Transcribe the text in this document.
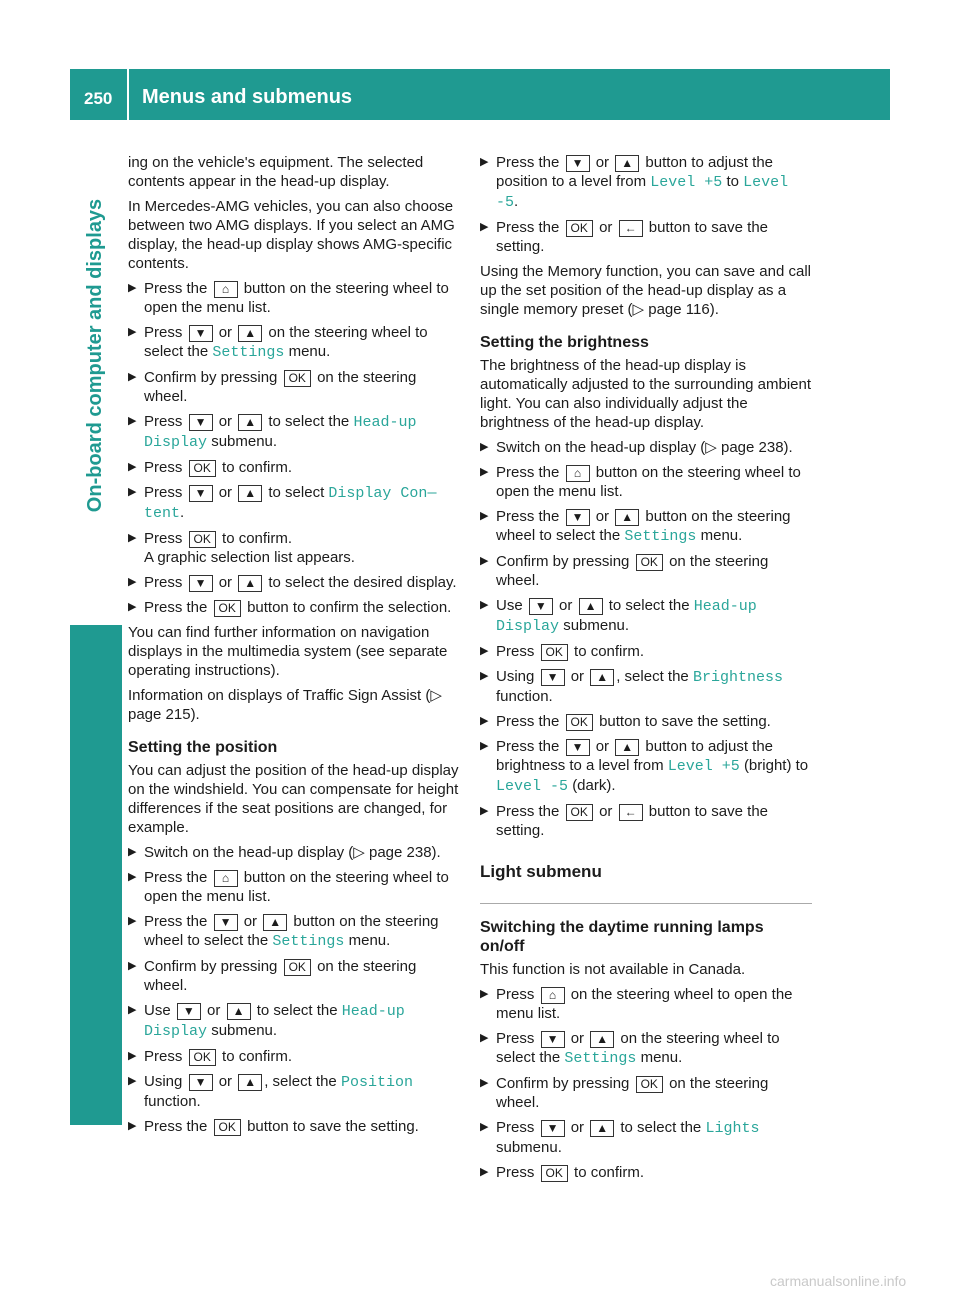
250 Menus and submenus
On-board computer and displays

ing on the vehicle's equipment. The selected contents appear in the head-up display.

In Mercedes-AMG vehicles, you can also choose between two AMG displays. If you select an AMG display, the head-up display shows AMG-specific contents.

▶ Press the ⌂ button on the steering wheel to open the menu list.
▶ Press ▼ or ▲ on the steering wheel to select the Settings menu.
▶ Confirm by pressing OK on the steering wheel.
▶ Press ▼ or ▲ to select the Head-up Display submenu.
▶ Press OK to confirm.
▶ Press ▼ or ▲ to select Display Con—tent.
▶ Press OK to confirm.
A graphic selection list appears.
▶ Press ▼ or ▲ to select the desired display.
▶ Press the OK button to confirm the selection.

You can find further information on navigation displays in the multimedia system (see separate operating instructions).

Information on displays of Traffic Sign Assist (▷ page 215).

Setting the position

You can adjust the position of the head-up display on the windshield. You can compensate for height differences if the seat positions are changed, for example.

▶ Switch on the head-up display (▷ page 238).
▶ Press the ⌂ button on the steering wheel to open the menu list.
▶ Press the ▼ or ▲ button on the steering wheel to select the Settings menu.
▶ Confirm by pressing OK on the steering wheel.
▶ Use ▼ or ▲ to select the Head-up Display submenu.
▶ Press OK to confirm.
▶ Using ▼ or ▲ , select the Position function.
▶ Press the OK button to save the setting.
▶ Press the ▼ or ▲ button to adjust the position to a level from Level +5 to Level -5.
▶ Press the OK or ← button to save the setting.

Using the Memory function, you can save and call up the set position of the head-up display as a single memory preset (▷ page 116).

Setting the brightness

The brightness of the head-up display is automatically adjusted to the surrounding ambient light. You can also individually adjust the brightness of the head-up display.

▶ Switch on the head-up display (▷ page 238).
▶ Press the ⌂ button on the steering wheel to open the menu list.
▶ Press the ▼ or ▲ button on the steering wheel to select the Settings menu.
▶ Confirm by pressing OK on the steering wheel.
▶ Use ▼ or ▲ to select the Head-up Display submenu.
▶ Press OK to confirm.
▶ Using ▼ or ▲ , select the Brightness function.
▶ Press the OK button to save the setting.
▶ Press the ▼ or ▲ button to adjust the brightness to a level from Level +5 (bright) to Level -5 (dark).
▶ Press the OK or ← button to save the setting.
Light submenu
Switching the daytime running lamps on/off

This function is not available in Canada.

▶ Press ⌂ on the steering wheel to open the menu list.
▶ Press ▼ or ▲ on the steering wheel to select the Settings menu.
▶ Confirm by pressing OK on the steering wheel.
▶ Press ▼ or ▲ to select the Lights submenu.
▶ Press OK to confirm.
carmanualsonline.info
